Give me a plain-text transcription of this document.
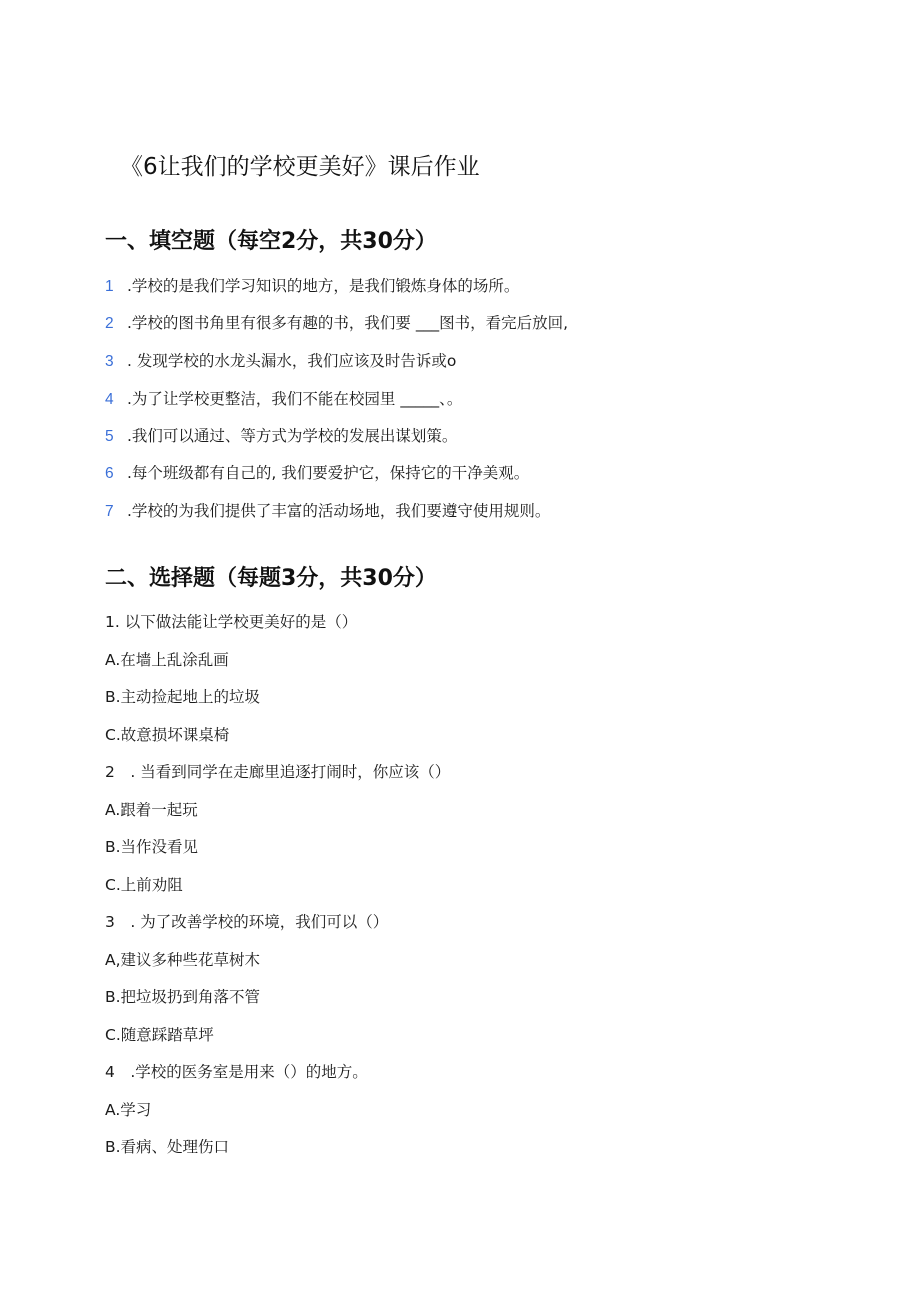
《6让我们的学校更美好》课后作业
一、填空题（每空2分，共30分）
1 .学校的是我们学习知识的地方，是我们锻炼身体的场所。
2 .学校的图书角里有很多有趣的书，我们要 ___图书，看完后放回,
3 . 发现学校的水龙头漏水，我们应该及时告诉或o
4 .为了让学校更整洁，我们不能在校园里 _____、。
5 .我们可以通过、等方式为学校的发展出谋划策。
6 .每个班级都有自己的, 我们要爱护它，保持它的干净美观。
7 .学校的为我们提供了丰富的活动场地，我们要遵守使用规则。
二、选择题（每题3分，共30分）
1. 以下做法能让学校更美好的是（）
A.在墙上乱涂乱画
B.主动捡起地上的垃圾
C.故意损坏课桌椅
2　. 当看到同学在走廊里追逐打闹时，你应该（）
A.跟着一起玩
B.当作没看见
C.上前劝阻
3　. 为了改善学校的环境，我们可以（）
A,建议多种些花草树木
B.把垃圾扔到角落不管
C.随意踩踏草坪
4　.学校的医务室是用来（）的地方。
A.学习
B.看病、处理伤口
